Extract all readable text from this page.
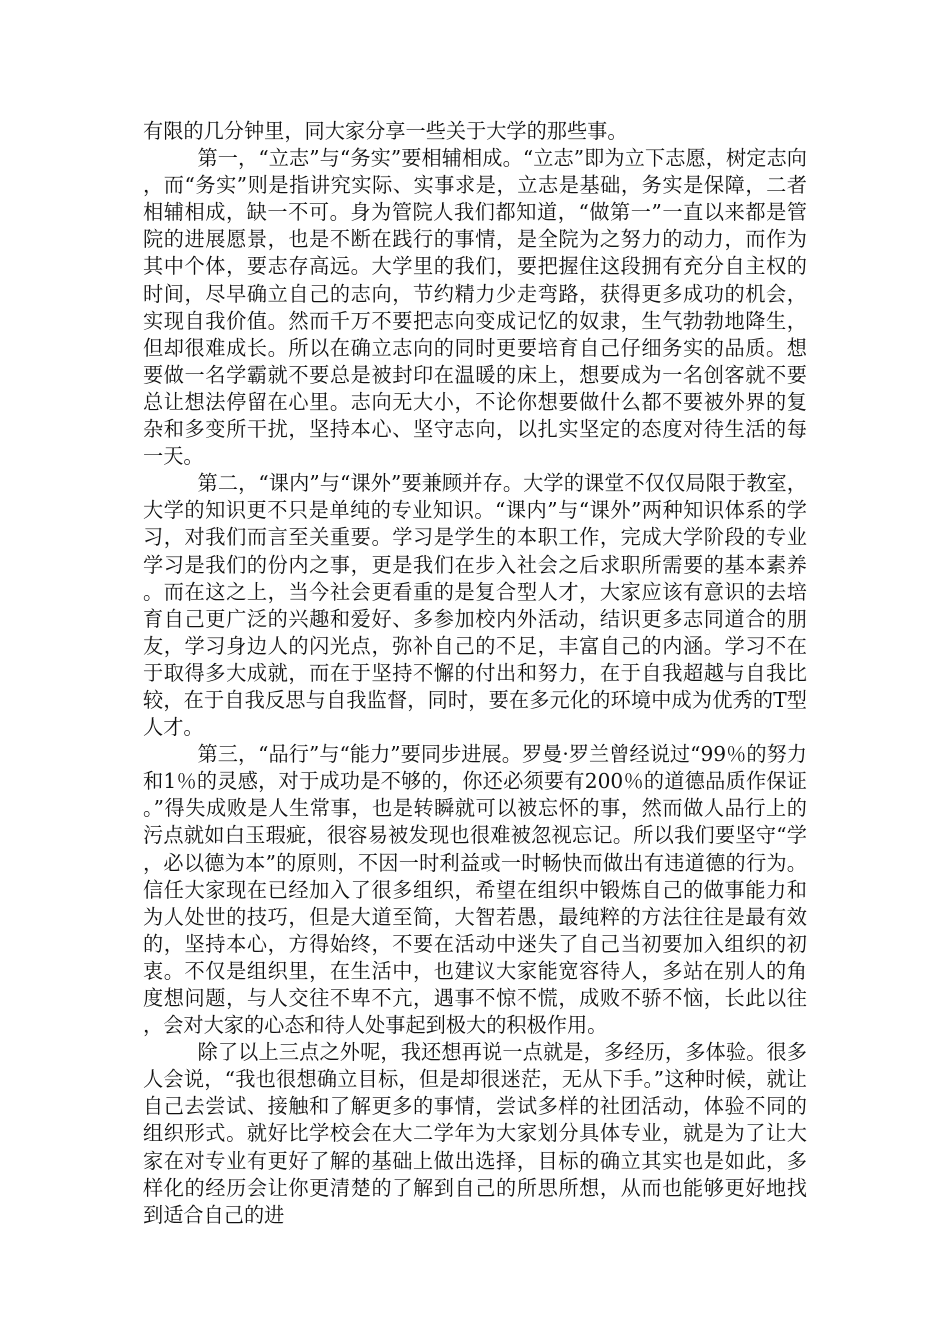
有限的几分钟里，同大家分享一些关于大学的那些事。

第一，“立志”与“务实”要相辅相成。“立志”即为立下志愿，树定志向，而“务实”则是指讲究实际、实事求是，立志是基础，务实是保障，二者相辅相成，缺一不可。身为管院人我们都知道，“做第一”一直以来都是管院的进展愿景，也是不断在践行的事情，是全院为之努力的动力，而作为其中个体，要志存高远。大学里的我们，要把握住这段拥有充分自主权的时间，尽早确立自己的志向，节约精力少走弯路，获得更多成功的机会，实现自我价值。然而千万不要把志向变成记忆的奴隶，生气勃勃地降生，但却很难成长。所以在确立志向的同时更要培育自己仔细务实的品质。想要做一名学霸就不要总是被封印在温暖的床上，想要成为一名创客就不要总让想法停留在心里。志向无大小，不论你想要做什么都不要被外界的复杂和多变所干扰，坚持本心、坚守志向，以扎实坚定的态度对待生活的每一天。

第二，“课内”与“课外”要兼顾并存。大学的课堂不仅仅局限于教室，大学的知识更不只是单纯的专业知识。“课内”与“课外”两种知识体系的学习，对我们而言至关重要。学习是学生的本职工作，完成大学阶段的专业学习是我们的份内之事，更是我们在步入社会之后求职所需要的基本素养。而在这之上，当今社会更看重的是复合型人才，大家应该有意识的去培育自己更广泛的兴趣和爱好、多参加校内外活动，结识更多志同道合的朋友，学习身边人的闪光点，弥补自己的不足，丰富自己的内涵。学习不在于取得多大成就，而在于坚持不懈的付出和努力，在于自我超越与自我比较，在于自我反思与自我监督，同时，要在多元化的环境中成为优秀的T型人才。

第三，“品行”与“能力”要同步进展。罗曼·罗兰曾经说过“99％的努力和1％的灵感，对于成功是不够的，你还必须要有200％的道德品质作保证。”得失成败是人生常事，也是转瞬就可以被忘怀的事，然而做人品行上的污点就如白玉瑕疵，很容易被发现也很难被忽视忘记。所以我们要坚守“学，必以德为本”的原则，不因一时利益或一时畅快而做出有违道德的行为。信任大家现在已经加入了很多组织，希望在组织中锻炼自己的做事能力和为人处世的技巧，但是大道至简，大智若愚，最纯粹的方法往往是最有效的，坚持本心，方得始终，不要在活动中迷失了自己当初要加入组织的初衷。不仅是组织里，在生活中，也建议大家能宽容待人，多站在别人的角度想问题，与人交往不卑不亢，遇事不惊不慌，成败不骄不恼，长此以往，会对大家的心态和待人处事起到极大的积极作用。

除了以上三点之外呢，我还想再说一点就是，多经历，多体验。很多人会说，“我也很想确立目标，但是却很迷茫，无从下手。”这种时候，就让自己去尝试、接触和了解更多的事情，尝试多样的社团活动，体验不同的组织形式。就好比学校会在大二学年为大家划分具体专业，就是为了让大家在对专业有更好了解的基础上做出选择，目标的确立其实也是如此，多样化的经历会让你更清楚的了解到自己的所思所想，从而也能够更好地找到适合自己的进
